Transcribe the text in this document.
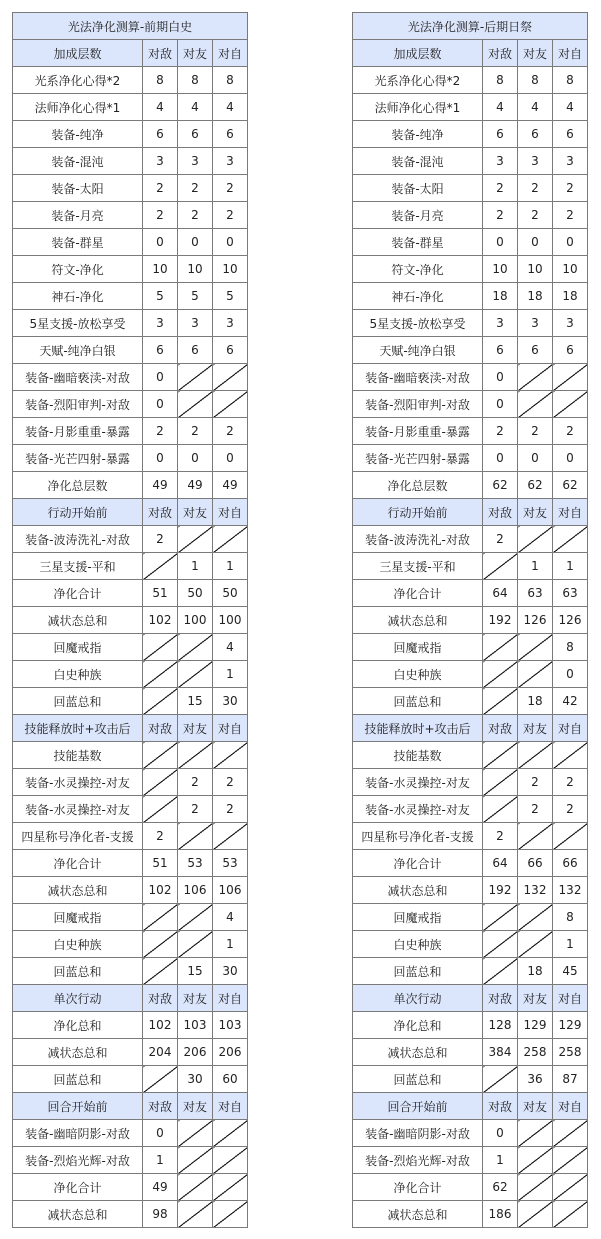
光法净化测算-前期白史			
加成层数	对敌	对友	对自
光系净化心得*2	8	8	8
法师净化心得*1	4	4	4
装备-纯净	6	6	6
装备-混沌	3	3	3
装备-太阳	2	2	2
装备-月亮	2	2	2
装备-群星	0	0	0
符文-净化	10	10	10
神石-净化	5	5	5
5星支援-放松享受	3	3	3
天赋-纯净白银	6	6	6
装备-幽暗亵渎-对敌	0		
装备-烈阳审判-对敌	0		
装备-月影重重-暴露	2	2	2
装备-光芒四射-暴露	0	0	0
净化总层数	49	49	49
行动开始前	对敌	对友	对自
装备-波涛洗礼-对敌	2		
三星支援-平和		1	1
净化合计	51	50	50
减状态总和	102	100	100
回魔戒指			4
白史种族			1
回蓝总和		15	30
技能释放时+攻击后	对敌	对友	对自
技能基数			
装备-水灵操控-对友		2	2
装备-水灵操控-对友		2	2
四星称号净化者-支援	2		
净化合计	51	53	53
减状态总和	102	106	106
回魔戒指			4
白史种族			1
回蓝总和		15	30
单次行动	对敌	对友	对自
净化总和	102	103	103
减状态总和	204	206	206
回蓝总和		30	60
回合开始前	对敌	对友	对自
装备-幽暗阴影-对敌	0		
装备-烈焰光辉-对敌	1		
净化合计	49		
减状态总和	98		
光法净化测算-后期日祭			
加成层数	对敌	对友	对自
光系净化心得*2	8	8	8
法师净化心得*1	4	4	4
装备-纯净	6	6	6
装备-混沌	3	3	3
装备-太阳	2	2	2
装备-月亮	2	2	2
装备-群星	0	0	0
符文-净化	10	10	10
神石-净化	18	18	18
5星支援-放松享受	3	3	3
天赋-纯净白银	6	6	6
装备-幽暗亵渎-对敌	0		
装备-烈阳审判-对敌	0		
装备-月影重重-暴露	2	2	2
装备-光芒四射-暴露	0	0	0
净化总层数	62	62	62
行动开始前	对敌	对友	对自
装备-波涛洗礼-对敌	2		
三星支援-平和		1	1
净化合计	64	63	63
减状态总和	192	126	126
回魔戒指			8
白史种族			0
回蓝总和		18	42
技能释放时+攻击后	对敌	对友	对自
技能基数			
装备-水灵操控-对友		2	2
装备-水灵操控-对友		2	2
四星称号净化者-支援	2		
净化合计	64	66	66
减状态总和	192	132	132
回魔戒指			8
白史种族			1
回蓝总和		18	45
单次行动	对敌	对友	对自
净化总和	128	129	129
减状态总和	384	258	258
回蓝总和		36	87
回合开始前	对敌	对友	对自
装备-幽暗阴影-对敌	0		
装备-烈焰光辉-对敌	1		
净化合计	62		
减状态总和	186		
